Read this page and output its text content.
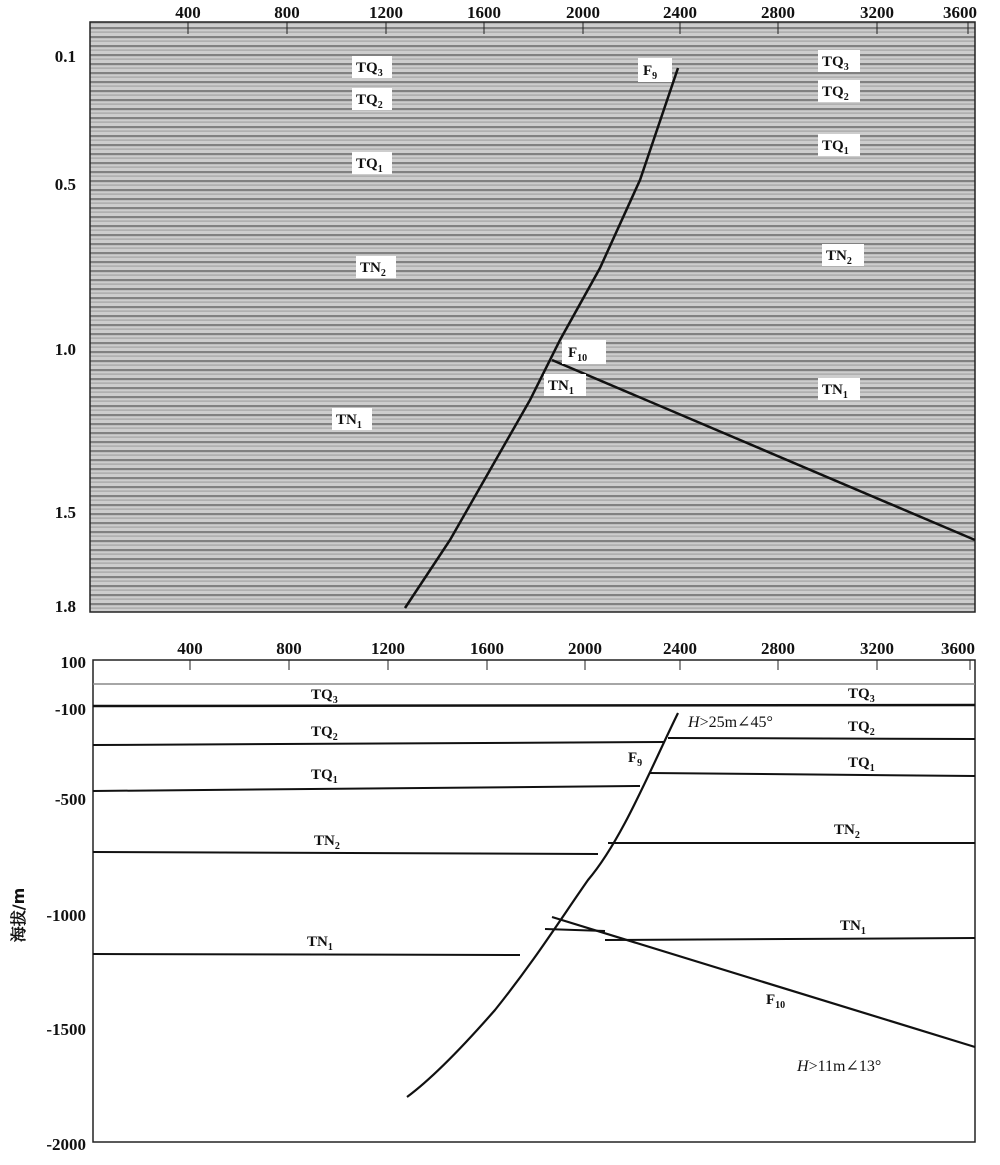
400	800	1200	1600	2000	2400	2800	3200	3600
0.1
0.5
1.0
1.5
1.8
$TQ_3$
$TQ_2$
$TQ_1$
$TN_2$
$TN_1$
$TQ_3$
$TQ_2$
$TQ_1$
$TN_2$
$TN_1$
$TN_1$
$F_9$
$F_{10}$
400	800	1200	1600	2000	2400	2800	3200	3600
100
-100
-500
-1000
-1500
-2000
海拔/m
$TQ_3$
$TQ_2$
$TQ_1$
$TN_2$
$TN_1$
$TQ_3$
$TQ_2$
$TQ_1$
$TN_2$
$TN_1$
$F_9$
$F_{10}$
H>25m∠45°
H>11m∠13°
